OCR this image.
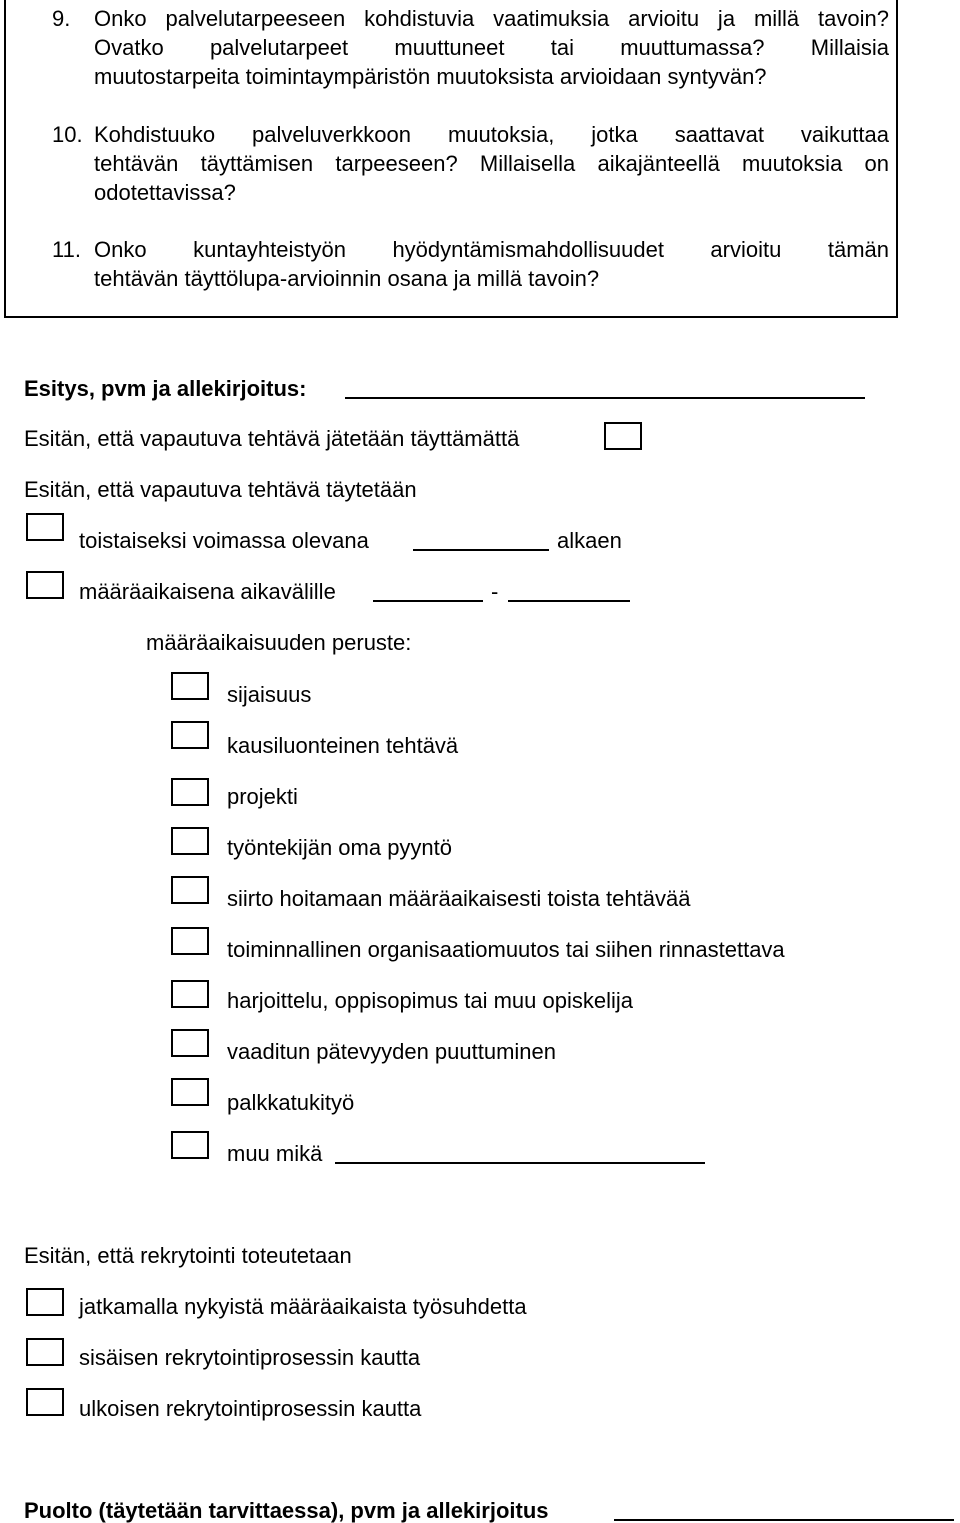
9. Onko palvelutarpeeseen kohdistuvia vaatimuksia arvioitu ja millä tavoin?
Ovatko palvelutarpeet muuttuneet tai muuttumassa? Millaisia
muutostarpeita toimintaympäristön muutoksista arvioidaan syntyvän?
10. Kohdistuuko palveluverkkoon muutoksia, jotka saattavat vaikuttaa
tehtävän täyttämisen tarpeeseen? Millaisella aikajänteellä muutoksia on
odotettavissa?
11. Onko kuntayhteistyön hyödyntämismahdollisuudet arvioitu tämän
tehtävän täyttölupa-arvioinnin osana ja millä tavoin?
Esitys, pvm ja allekirjoitus:
Esitän, että vapautuva tehtävä jätetään täyttämättä
Esitän, että vapautuva tehtävä täytetään
toistaiseksi voimassa olevana	alkaen
määräaikaisena aikavälille	-
määräaikaisuuden peruste:
sijaisuus
kausiluonteinen tehtävä
projekti
työntekijän oma pyyntö
siirto hoitamaan määräaikaisesti toista tehtävää
toiminnallinen organisaatiomuutos tai siihen rinnastettava
harjoittelu, oppisopimus tai muu opiskelija
vaaditun pätevyyden puuttuminen
palkkatukityö
muu mikä
Esitän, että rekrytointi toteutetaan
jatkamalla nykyistä määräaikaista työsuhdetta
sisäisen rekrytointiprosessin kautta
ulkoisen rekrytointiprosessin kautta
Puolto (täytetään tarvittaessa), pvm ja allekirjoitus
